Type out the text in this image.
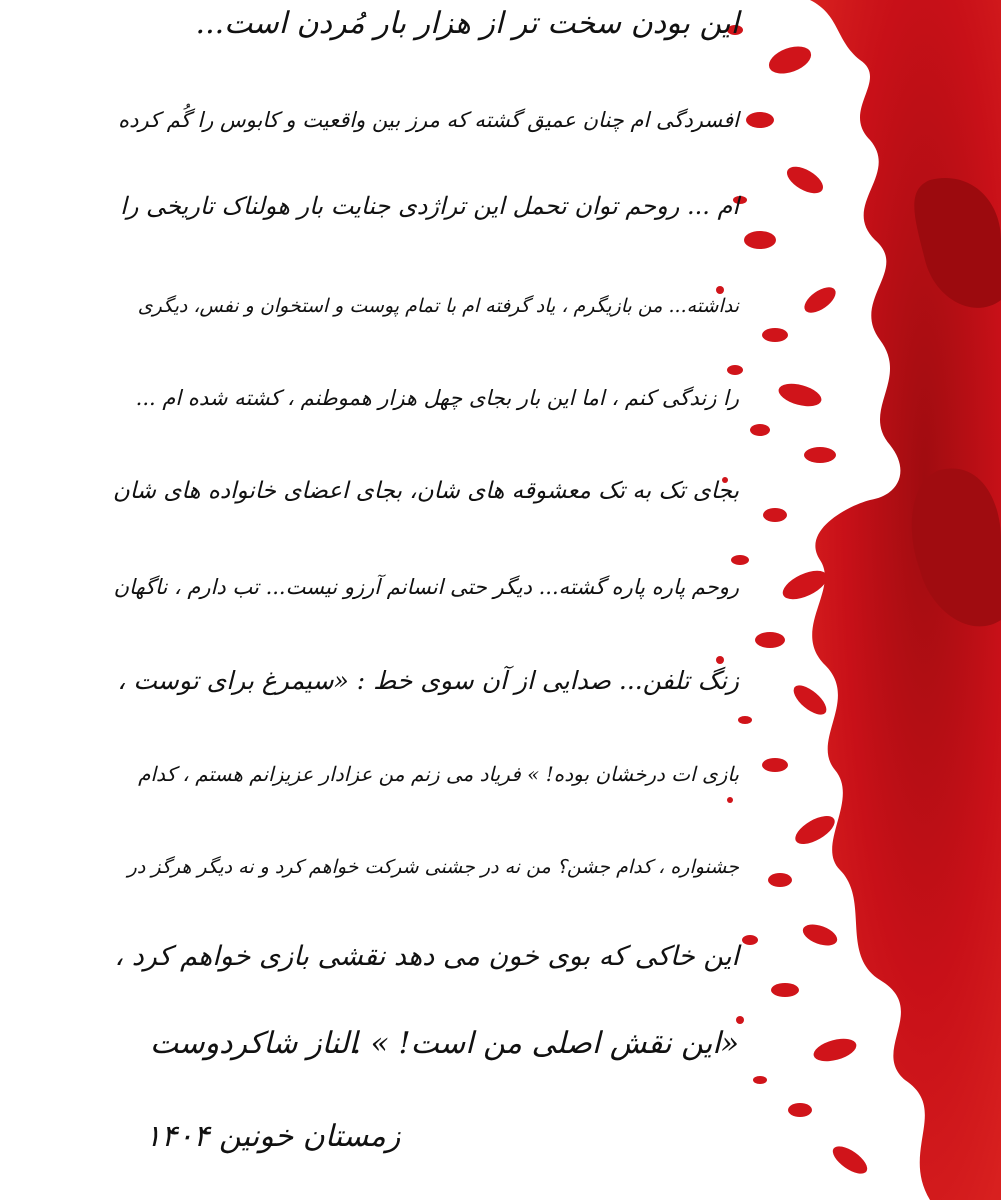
این بودن سخت تر از هزار بار مُردن است...
افسردگی ام چنان عمیق گشته که مرز بین واقعیت و کابوس را گُم کرده
ام ... روحم توان تحمل این تراژدی جنایت بار هولناک تاریخی را
نداشته... من بازیگرم ، یاد گرفته ام با تمام پوست و استخوان و نفس، دیگری
را زندگی کنم ، اما این بار بجای چهل هزار هموطنم ، کشته شده ام ...
بجای تک به تک معشوقه های شان، بجای اعضای خانواده های شان
روحم پاره پاره گشته... دیگر حتی انسانم آرزو نیست... تب دارم ، ناگهان
زنگ تلفن... صدایی از آن سوی خط : «سیمرغ برای توست ،
بازی ات درخشان بوده! » فریاد می زنم من عزادار عزیزانم هستم ، کدام
جشنواره ، کدام جشن؟ من نه در جشنی شرکت خواهم کرد و نه دیگر هرگز در
این خاکی که بوی خون می دهد نقشی بازی خواهم کرد ،
«این نقش اصلی من است! » .
الناز شاکردوست
زمستان خونین ۱۴۰۴
